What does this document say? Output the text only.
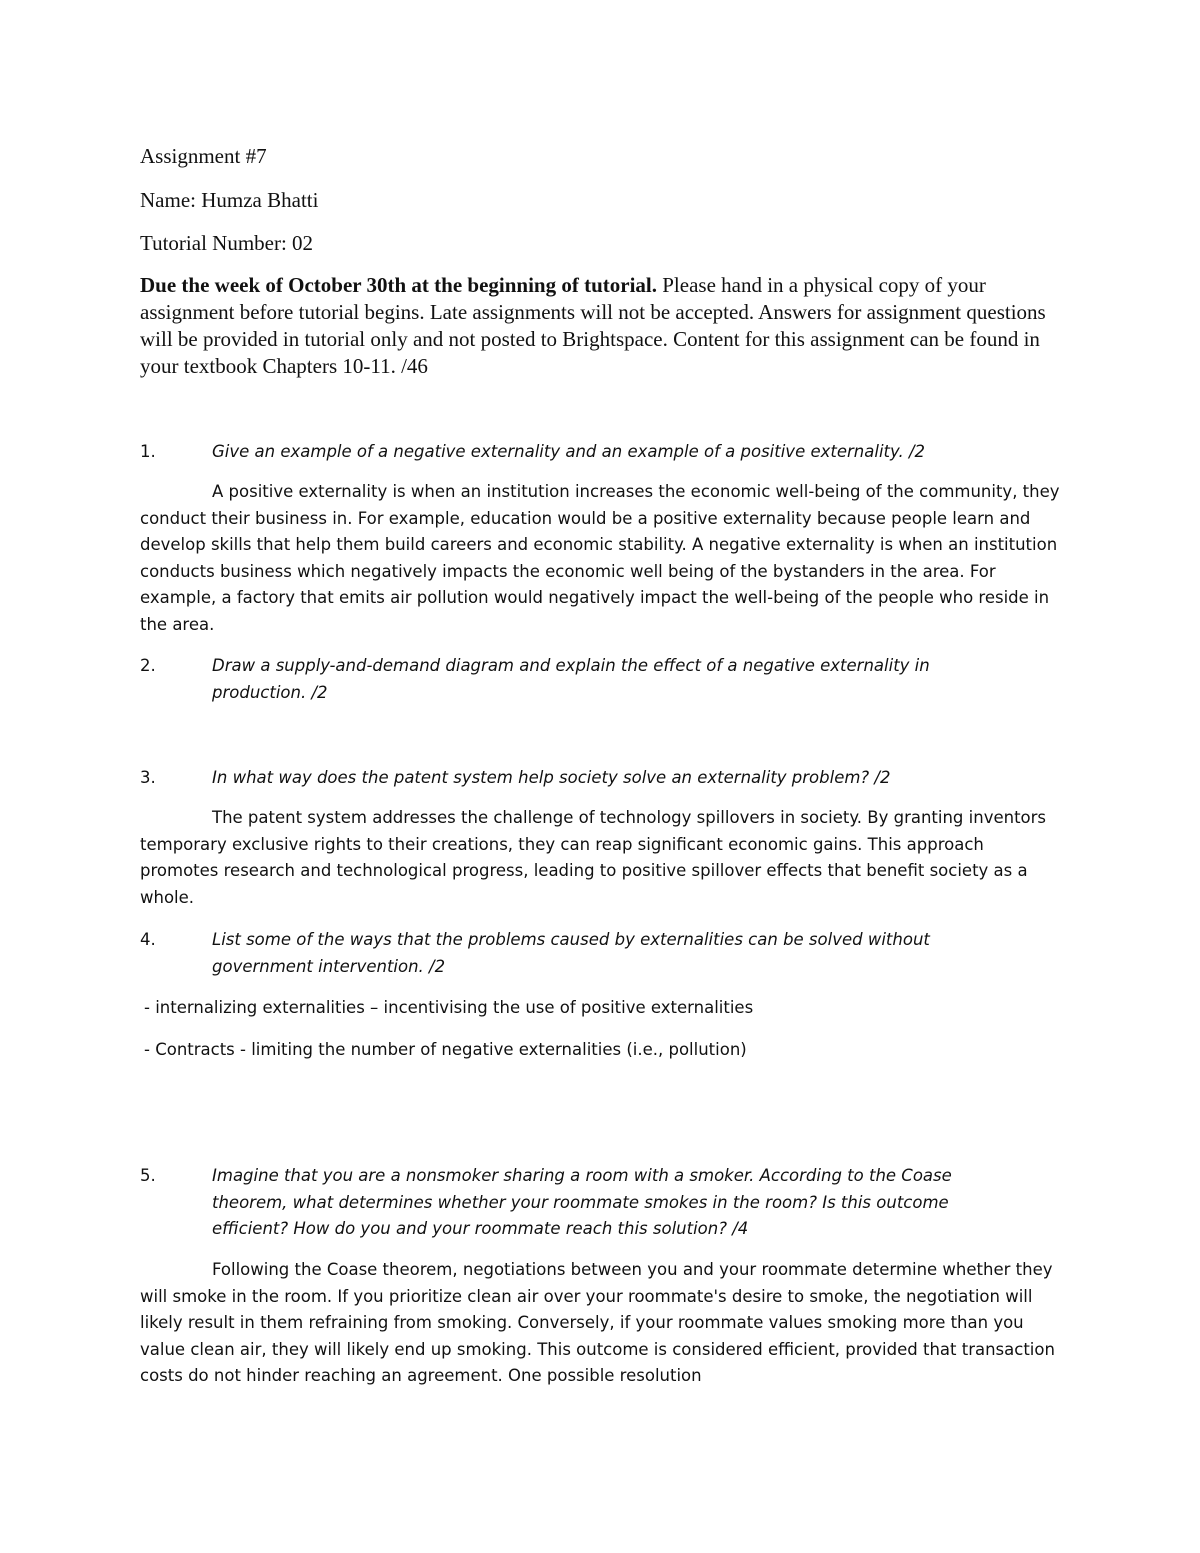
Assignment #7
Name: Humza Bhatti
Tutorial Number: 02
Due the week of October 30th at the beginning of tutorial. Please hand in a physical copy of your assignment before tutorial begins. Late assignments will not be accepted. Answers for assignment questions will be provided in tutorial only and not posted to Brightspace. Content for this assignment can be found in your textbook Chapters 10-11. /46
1.	Give an example of a negative externality and an example of a positive externality. /2
A positive externality is when an institution increases the economic well-being of the community, they conduct their business in. For example, education would be a positive externality because people learn and develop skills that help them build careers and economic stability. A negative externality is when an institution conducts business which negatively impacts the economic well being of the bystanders in the area. For example, a factory that emits air pollution would negatively impact the well-being of the people who reside in the area.
2.	Draw a supply-and-demand diagram and explain the effect of a negative externality in production. /2
3.	In what way does the patent system help society solve an externality problem? /2
The patent system addresses the challenge of technology spillovers in society. By granting inventors temporary exclusive rights to their creations, they can reap significant economic gains. This approach promotes research and technological progress, leading to positive spillover effects that benefit society as a whole.
4.	List some of the ways that the problems caused by externalities can be solved without government intervention. /2
- internalizing externalities – incentivising the use of positive externalities
- Contracts - limiting the number of negative externalities (i.e., pollution)
5.	Imagine that you are a nonsmoker sharing a room with a smoker. According to the Coase theorem, what determines whether your roommate smokes in the room? Is this outcome efficient? How do you and your roommate reach this solution? /4
Following the Coase theorem, negotiations between you and your roommate determine whether they will smoke in the room. If you prioritize clean air over your roommate's desire to smoke, the negotiation will likely result in them refraining from smoking. Conversely, if your roommate values smoking more than you value clean air, they will likely end up smoking. This outcome is considered efficient, provided that transaction costs do not hinder reaching an agreement. One possible resolution
